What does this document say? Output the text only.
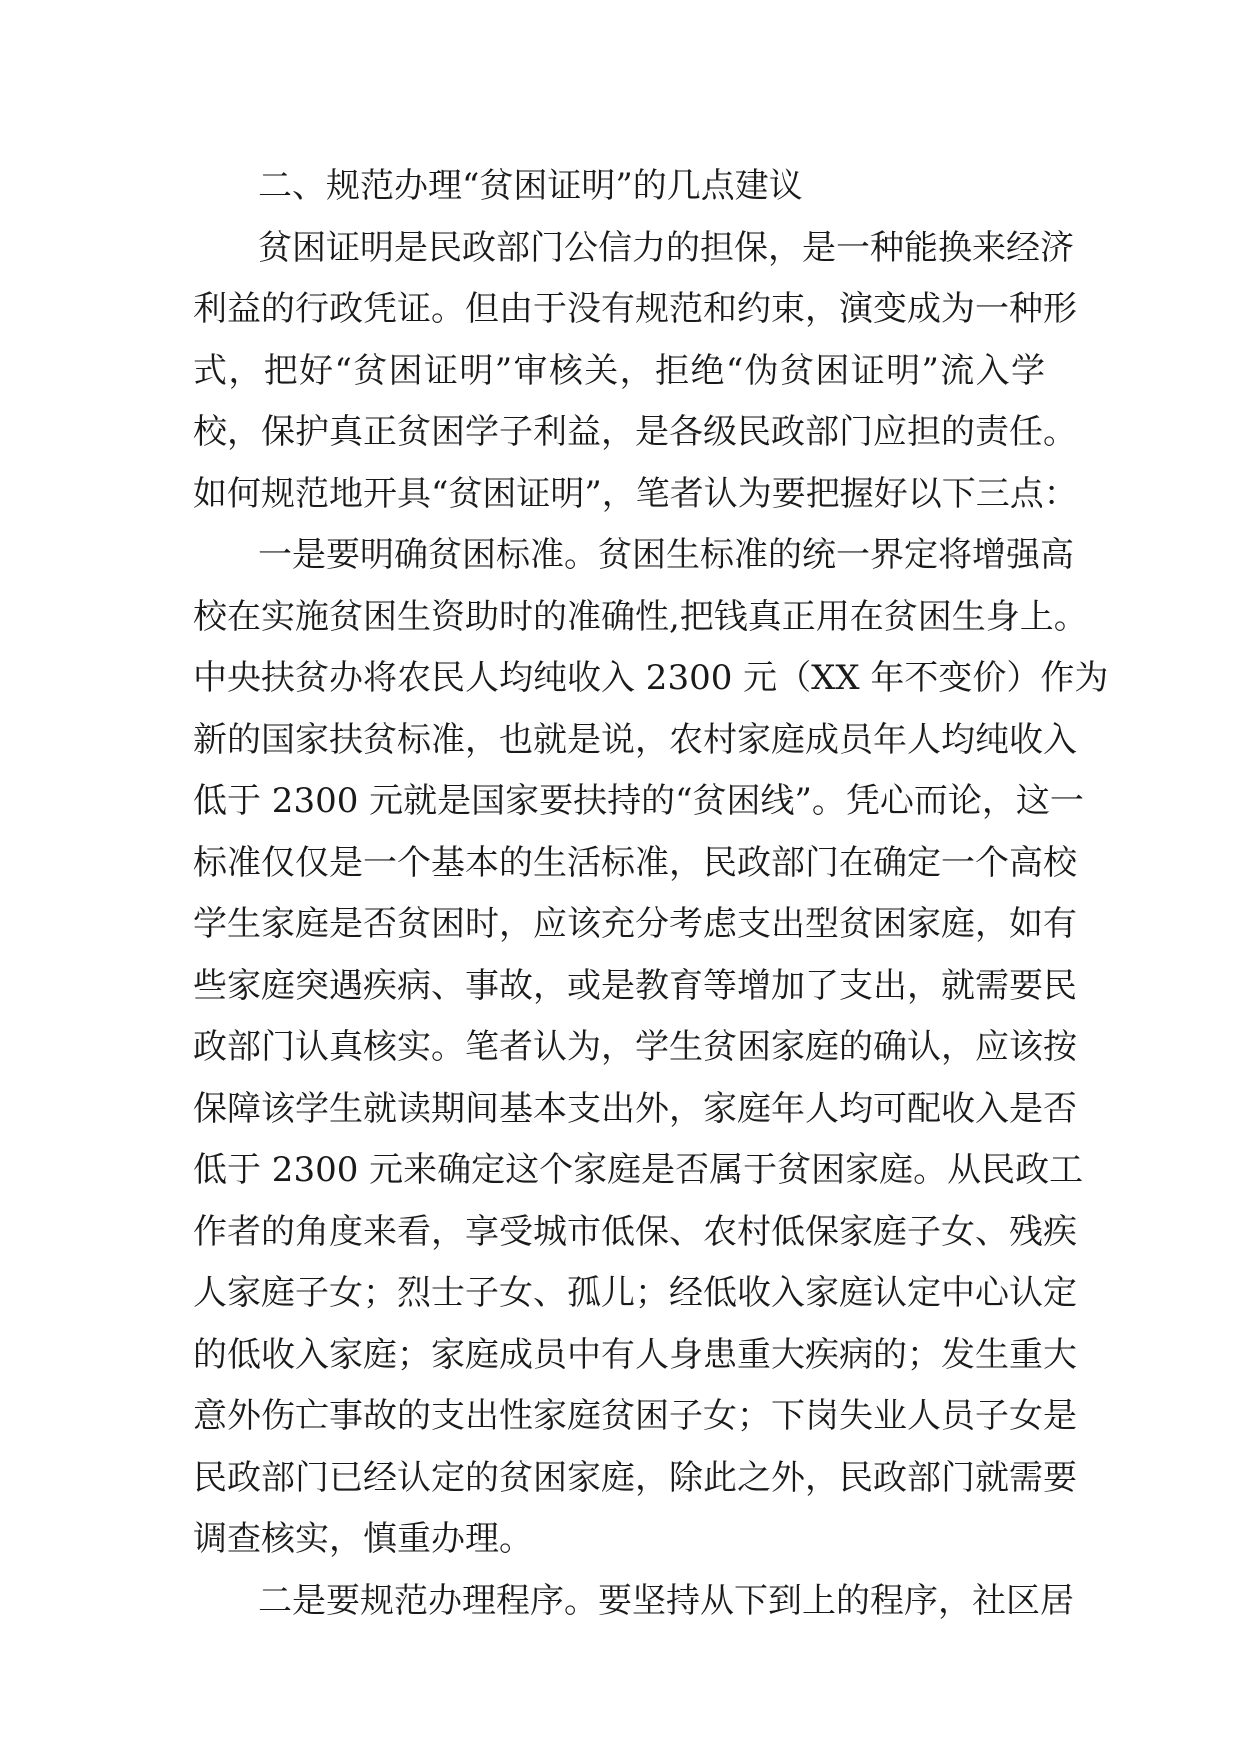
二、规范办理“贫困证明”的几点建议
贫困证明是民政部门公信力的担保，是一种能换来经济
利益的行政凭证。但由于没有规范和约束，演变成为一种形
式，把好“贫困证明”审核关，拒绝“伪贫困证明”流入学
校，保护真正贫困学子利益，是各级民政部门应担的责任。
如何规范地开具“贫困证明”，笔者认为要把握好以下三点：
一是要明确贫困标准。贫困生标准的统一界定将增强高
校在实施贫困生资助时的准确性,把钱真正用在贫困生身上。
中央扶贫办将农民人均纯收入 2300 元（XX 年不变价）作为
新的国家扶贫标准，也就是说，农村家庭成员年人均纯收入
低于 2300 元就是国家要扶持的“贫困线”。凭心而论，这一
标准仅仅是一个基本的生活标准，民政部门在确定一个高校
学生家庭是否贫困时，应该充分考虑支出型贫困家庭，如有
些家庭突遇疾病、事故，或是教育等增加了支出，就需要民
政部门认真核实。笔者认为，学生贫困家庭的确认，应该按
保障该学生就读期间基本支出外，家庭年人均可配收入是否
低于 2300 元来确定这个家庭是否属于贫困家庭。从民政工
作者的角度来看，享受城市低保、农村低保家庭子女、残疾
人家庭子女；烈士子女、孤儿；经低收入家庭认定中心认定
的低收入家庭；家庭成员中有人身患重大疾病的；发生重大
意外伤亡事故的支出性家庭贫困子女；下岗失业人员子女是
民政部门已经认定的贫困家庭，除此之外，民政部门就需要
调查核实，慎重办理。
二是要规范办理程序。要坚持从下到上的程序，社区居
